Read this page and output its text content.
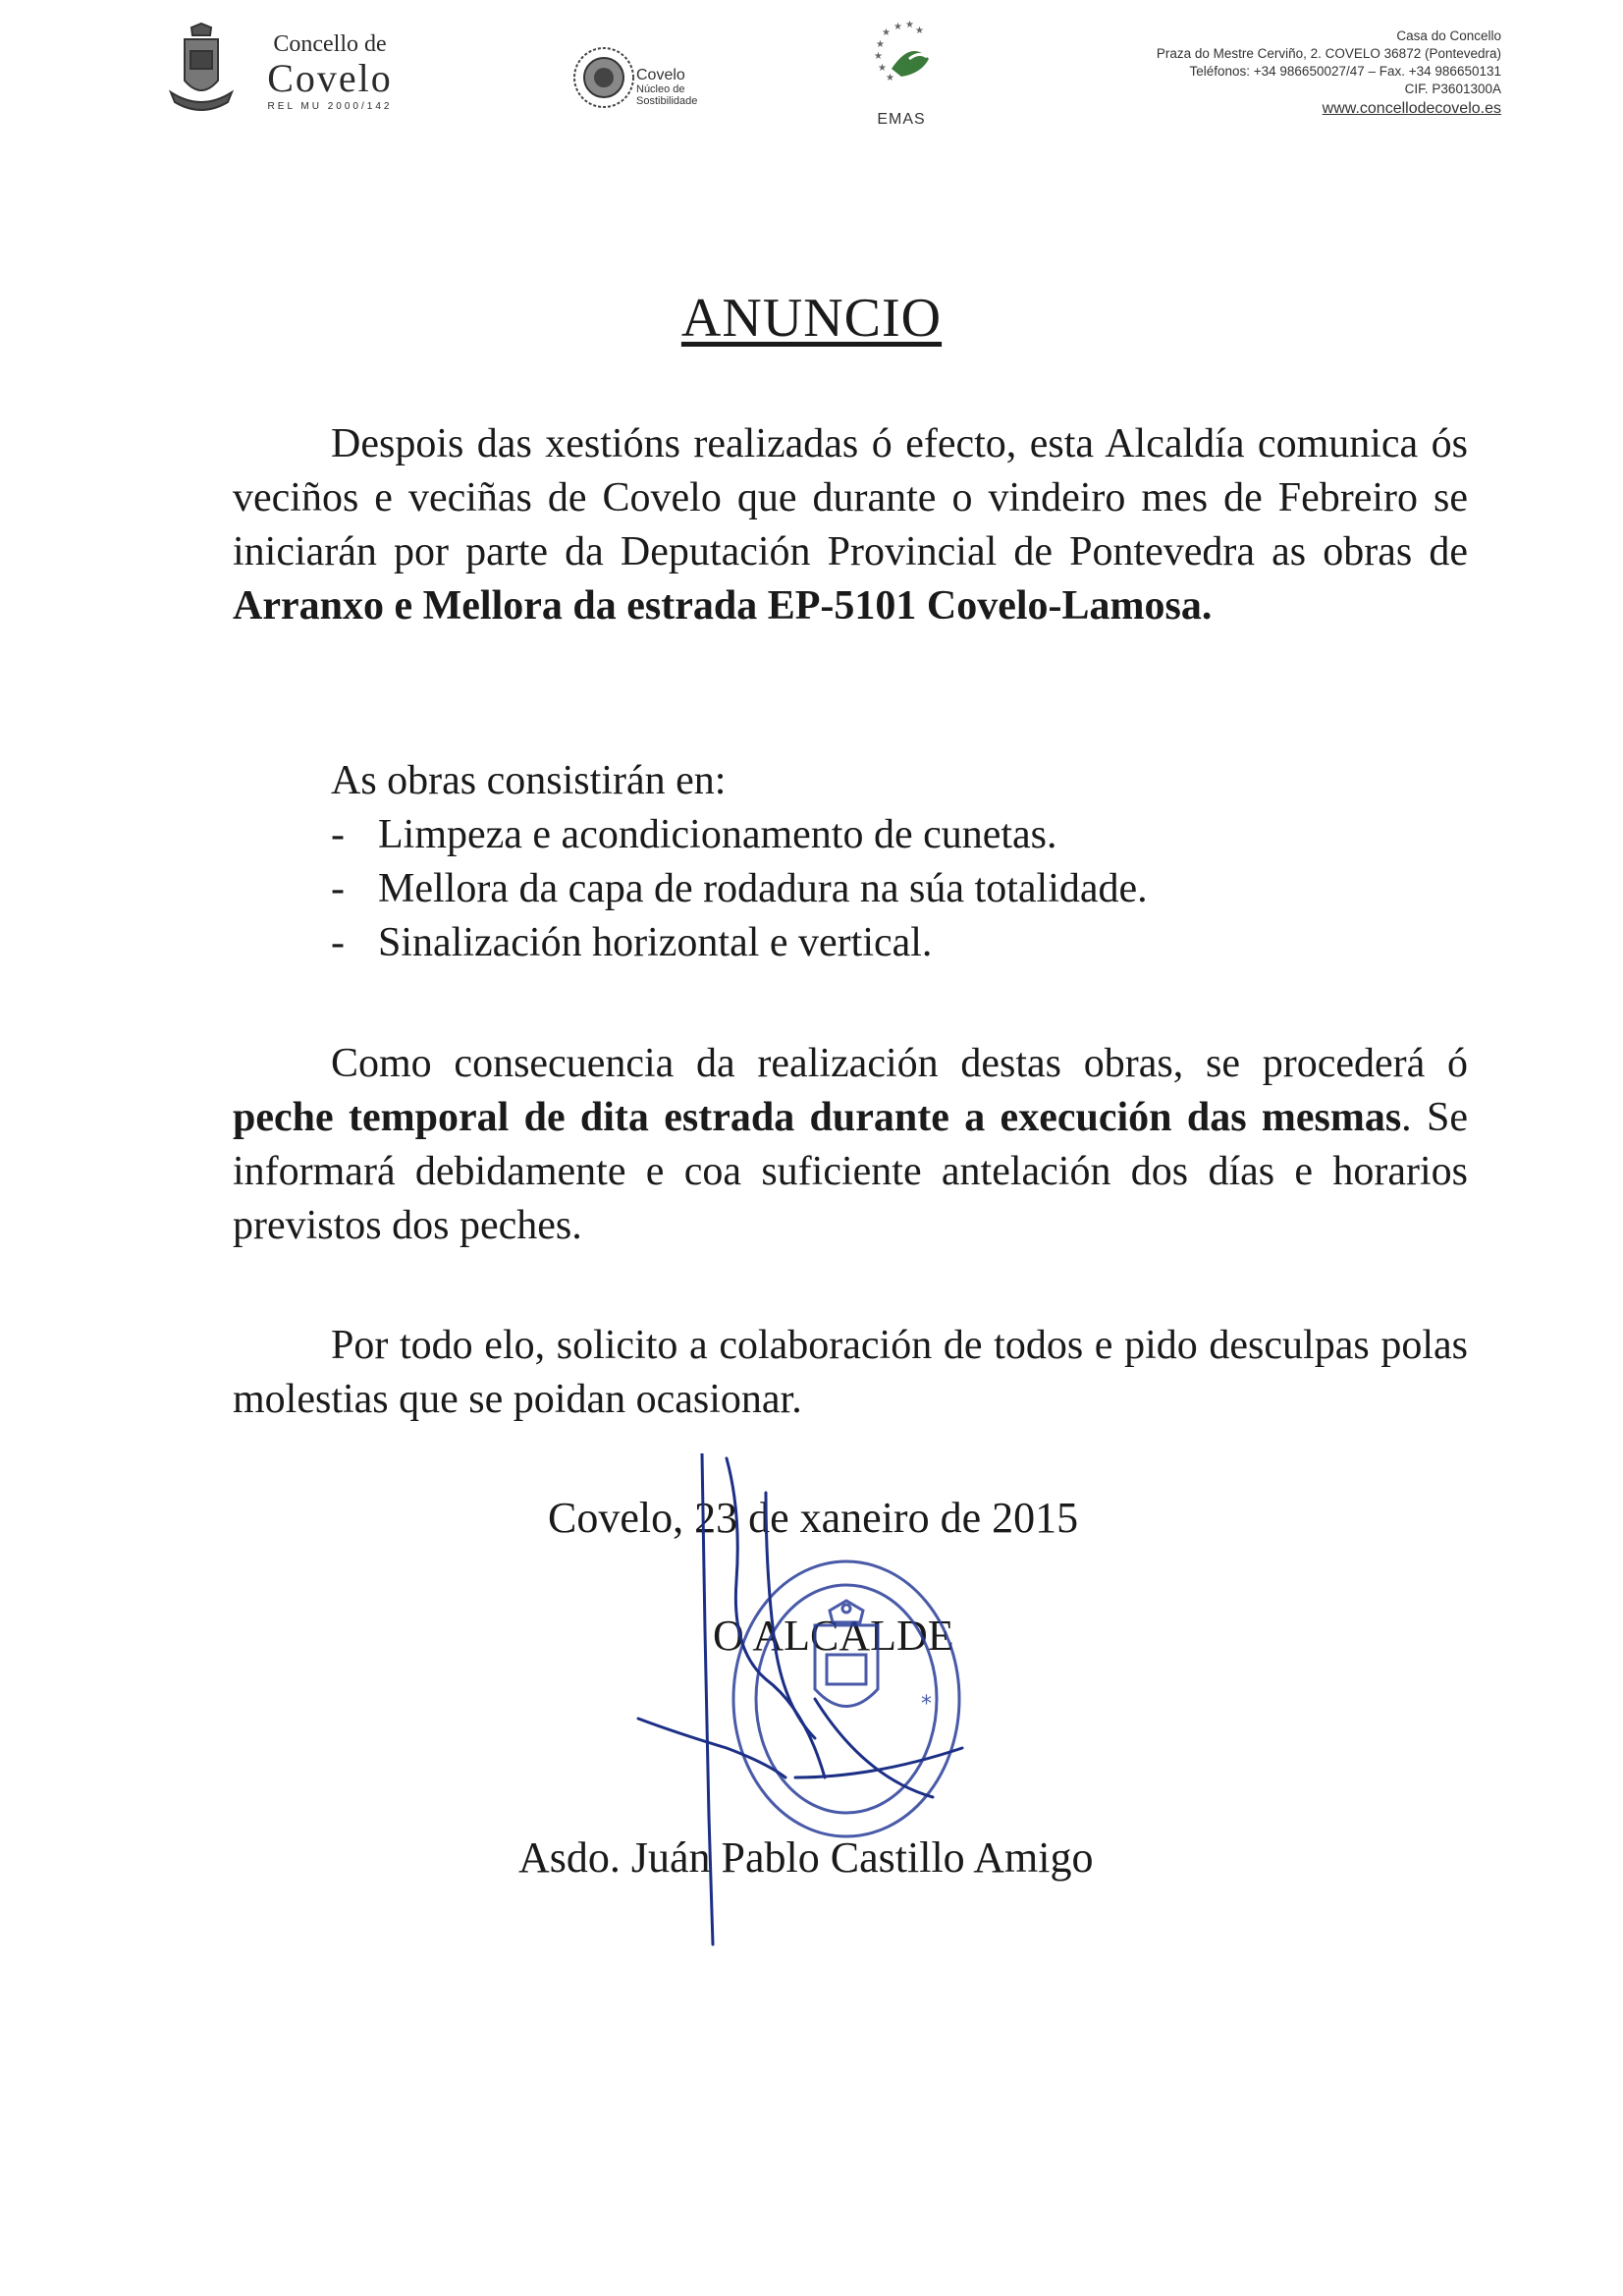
Concello de
Covelo
REL MU 2000/142
Covelo
Núcleo de
Sostibilidade
★ ★
★
★
★
★
★
★
EMAS
Casa do Concello
Praza do Mestre Cerviño, 2. COVELO 36872 (Pontevedra)
Teléfonos: +34 986650027/47 – Fax. +34 986650131
CIF. P3601300A
www.concellodecovelo.es
ANUNCIO
Despois das xestións realizadas ó efecto, esta Alcaldía comunica ós veciños e veciñas de Covelo que durante o vindeiro mes de Febreiro se iniciarán por parte da Deputación Provincial de Pontevedra as obras de Arranxo e Mellora da estrada EP-5101 Covelo-Lamosa.
As obras consistirán en:
- Limpeza e acondicionamento de cunetas.
- Mellora da capa de rodadura na súa totalidade.
- Sinalización horizontal e vertical.
Como consecuencia da realización destas obras, se procederá ó peche temporal de dita estrada durante a execución das mesmas. Se informará debidamente e coa suficiente antelación dos días e horarios previstos dos peches.
Por todo elo, solicito a colaboración de todos e pido desculpas polas molestias que se poidan ocasionar.
Covelo, 23 de xaneiro de 2015
O ALCALDE
Asdo. Juán Pablo Castillo Amigo
*
